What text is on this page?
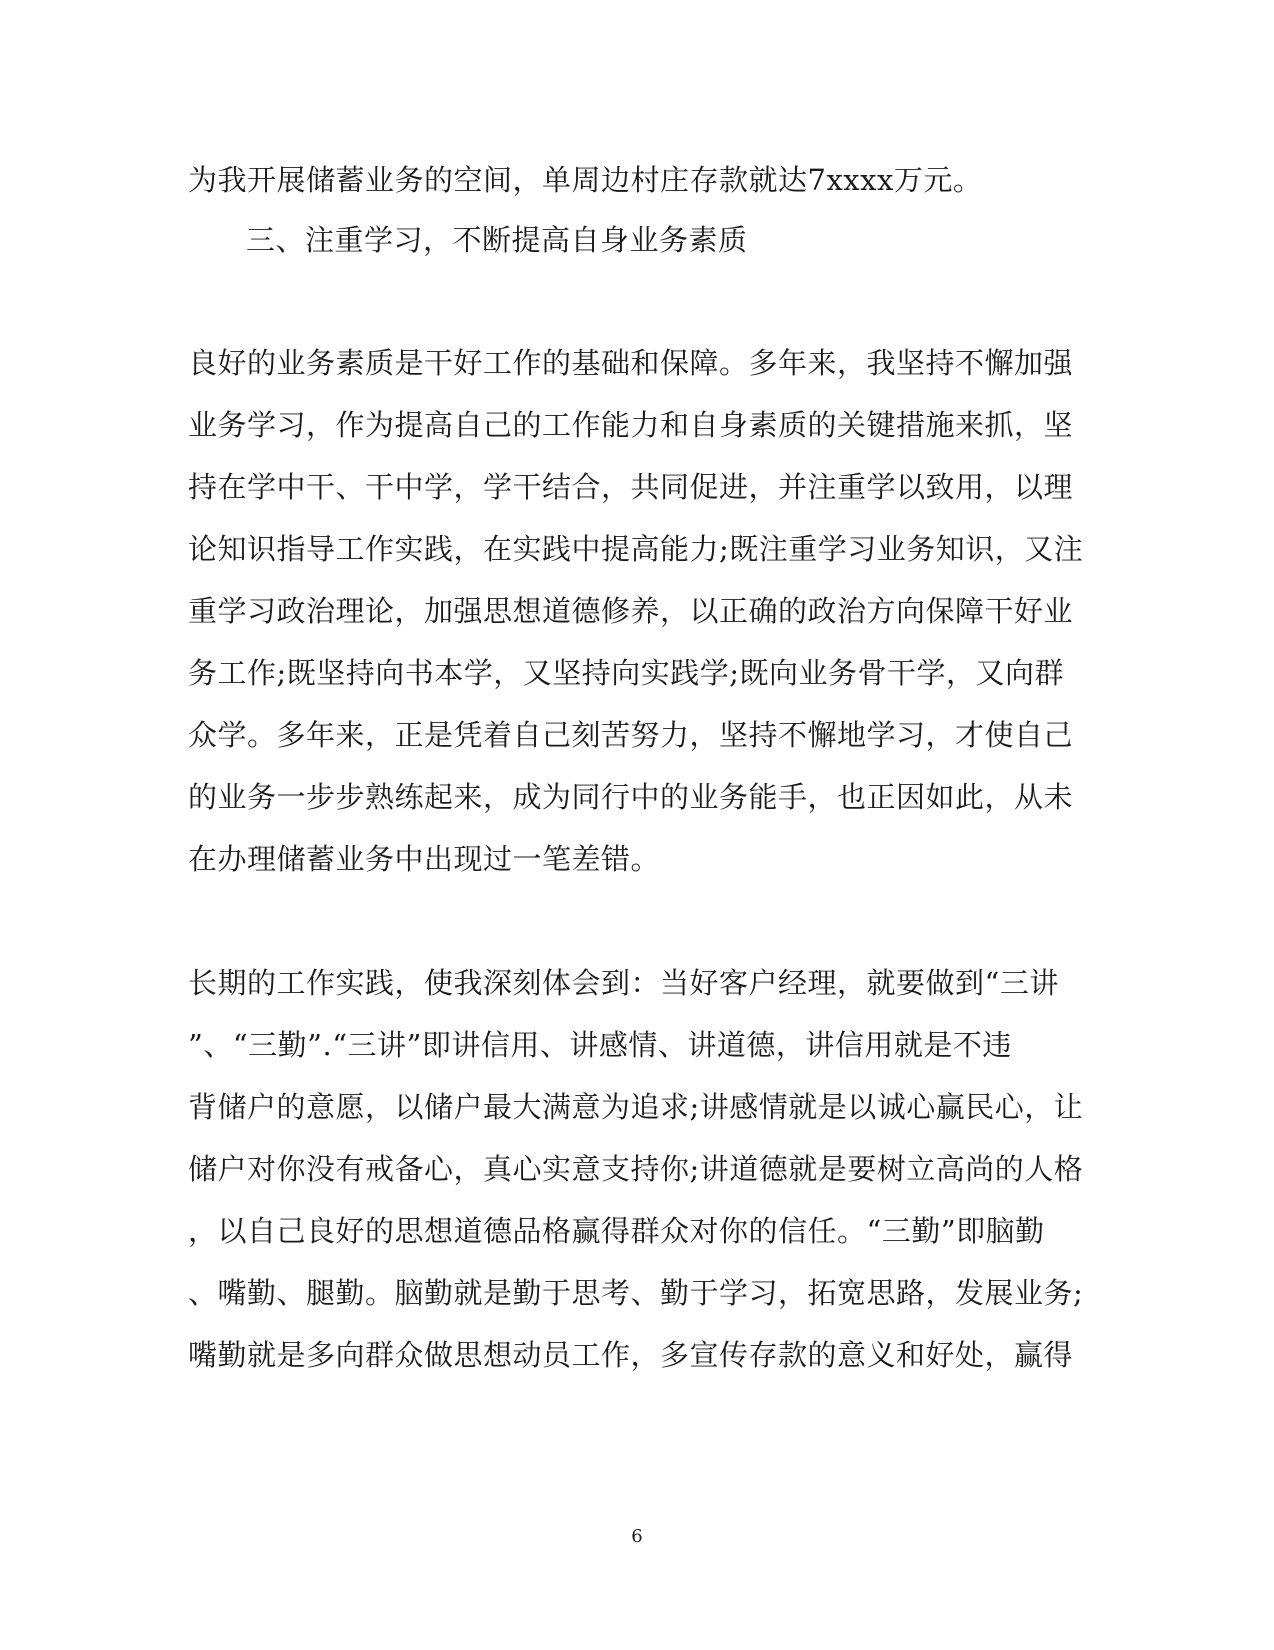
为我开展储蓄业务的空间，单周边村庄存款就达7xxxx万元。
三、注重学习，不断提高自身业务素质
良好的业务素质是干好工作的基础和保障。多年来，我坚持不懈加强
业务学习，作为提高自己的工作能力和自身素质的关键措施来抓，坚
持在学中干、干中学，学干结合，共同促进，并注重学以致用，以理
论知识指导工作实践，在实践中提高能力;既注重学习业务知识，又注
重学习政治理论，加强思想道德修养，以正确的政治方向保障干好业
务工作;既坚持向书本学，又坚持向实践学;既向业务骨干学，又向群
众学。多年来，正是凭着自己刻苦努力，坚持不懈地学习，才使自己
的业务一步步熟练起来，成为同行中的业务能手，也正因如此，从未
在办理储蓄业务中出现过一笔差错。
长期的工作实践，使我深刻体会到：当好客户经理，就要做到“三讲
”、“三勤”.“三讲”即讲信用、讲感情、讲道德，讲信用就是不违
背储户的意愿，以储户最大满意为追求;讲感情就是以诚心赢民心，让
储户对你没有戒备心，真心实意支持你;讲道德就是要树立高尚的人格
，以自己良好的思想道德品格赢得群众对你的信任。“三勤”即脑勤
、嘴勤、腿勤。脑勤就是勤于思考、勤于学习，拓宽思路，发展业务;
嘴勤就是多向群众做思想动员工作，多宣传存款的意义和好处，赢得
6
